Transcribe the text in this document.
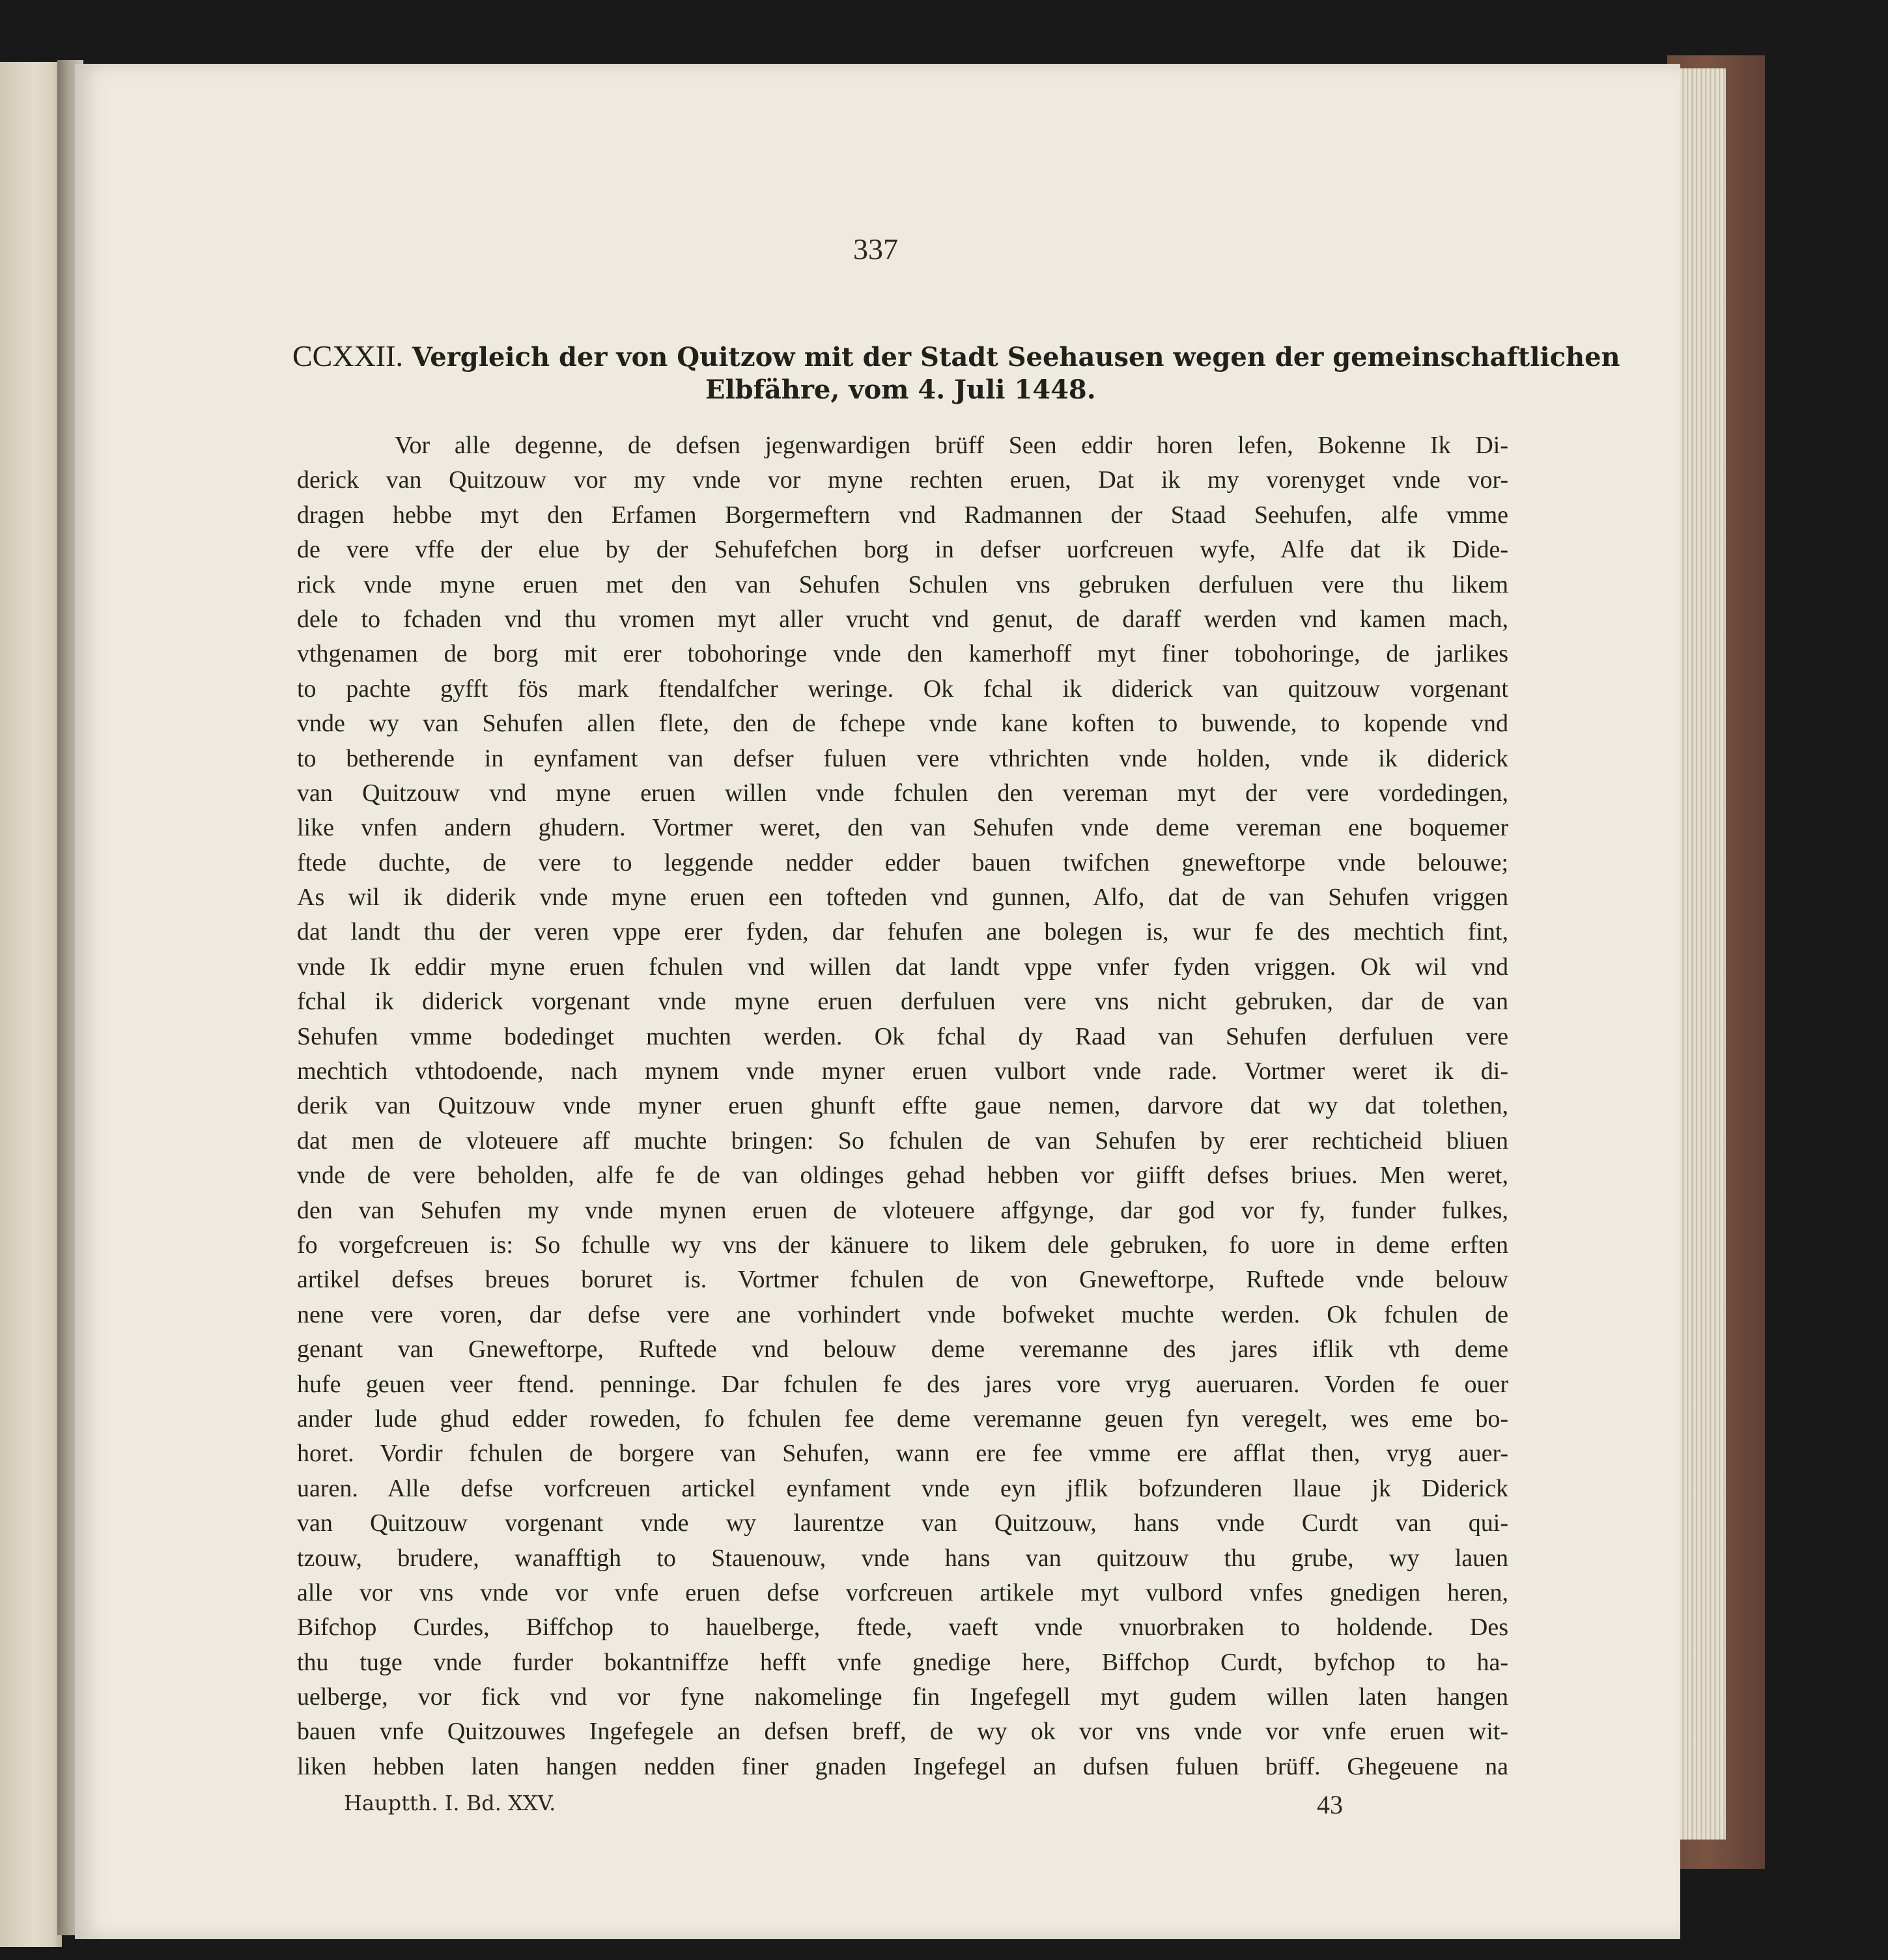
337
CCXXII. Vergleich der von Quitzow mit der Stadt Seehausen wegen der gemeinschaftlichen
Elbfähre, vom 4. Juli 1448.
Vor alle degenne, de defsen jegenwardigen brüff Seen eddir horen lefen, Bokenne Ik Di-
derick van Quitzouw vor my vnde vor myne rechten eruen, Dat ik my vorenyget vnde vor-
dragen hebbe myt den Erfamen Borgermeftern vnd Radmannen der Staad Seehufen, alfe vmme
de vere vffe der elue by der Sehufefchen borg in defser uorfcreuen wyfe, Alfe dat ik Dide-
rick vnde myne eruen met den van Sehufen Schulen vns gebruken derfuluen vere thu likem
dele to fchaden vnd thu vromen myt aller vrucht vnd genut, de daraff werden vnd kamen mach,
vthgenamen de borg mit erer tobohoringe vnde den kamerhoff myt finer tobohoringe, de jarlikes
to pachte gyfft fös mark ftendalfcher weringe. Ok fchal ik diderick van quitzouw vorgenant
vnde wy van Sehufen allen flete, den de fchepe vnde kane koften to buwende, to kopende vnd
to betherende in eynfament van defser fuluen vere vthrichten vnde holden, vnde ik diderick
van Quitzouw vnd myne eruen willen vnde fchulen den vereman myt der vere vordedingen,
like vnfen andern ghudern. Vortmer weret, den van Sehufen vnde deme vereman ene boquemer
ftede duchte, de vere to leggende nedder edder bauen twifchen gneweftorpe vnde belouwe;
As wil ik diderik vnde myne eruen een tofteden vnd gunnen, Alfo, dat de van Sehufen vriggen
dat landt thu der veren vppe erer fyden, dar fehufen ane bolegen is, wur fe des mechtich fint,
vnde Ik eddir myne eruen fchulen vnd willen dat landt vppe vnfer fyden vriggen. Ok wil vnd
fchal ik diderick vorgenant vnde myne eruen derfuluen vere vns nicht gebruken, dar de van
Sehufen vmme bodedinget muchten werden. Ok fchal dy Raad van Sehufen derfuluen vere
mechtich vthtodoende, nach mynem vnde myner eruen vulbort vnde rade. Vortmer weret ik di-
derik van Quitzouw vnde myner eruen ghunft effte gaue nemen, darvore dat wy dat tolethen,
dat men de vloteuere aff muchte bringen: So fchulen de van Sehufen by erer rechticheid bliuen
vnde de vere beholden, alfe fe de van oldinges gehad hebben vor giifft defses briues. Men weret,
den van Sehufen my vnde mynen eruen de vloteuere affgynge, dar god vor fy, funder fulkes,
fo vorgefcreuen is: So fchulle wy vns der känuere to likem dele gebruken, fo uore in deme erften
artikel defses breues boruret is. Vortmer fchulen de von Gneweftorpe, Ruftede vnde belouw
nene vere voren, dar defse vere ane vorhindert vnde bofweket muchte werden. Ok fchulen de
genant van Gneweftorpe, Ruftede vnd belouw deme veremanne des jares iflik vth deme
hufe geuen veer ftend. penninge. Dar fchulen fe des jares vore vryg aueruaren. Vorden fe ouer
ander lude ghud edder roweden, fo fchulen fee deme veremanne geuen fyn veregelt, wes eme bo-
horet. Vordir fchulen de borgere van Sehufen, wann ere fee vmme ere afflat then, vryg auer-
uaren. Alle defse vorfcreuen artickel eynfament vnde eyn jflik bofzunderen llaue jk Diderick
van Quitzouw vorgenant vnde wy laurentze van Quitzouw, hans vnde Curdt van qui-
tzouw, brudere, wanafftigh to Stauenouw, vnde hans van quitzouw thu grube, wy lauen
alle vor vns vnde vor vnfe eruen defse vorfcreuen artikele myt vulbord vnfes gnedigen heren,
Bifchop Curdes, Biffchop to hauelberge, ftede, vaeft vnde vnuorbraken to holdende. Des
thu tuge vnde furder bokantniffze hefft vnfe gnedige here, Biffchop Curdt, byfchop to ha-
uelberge, vor fick vnd vor fyne nakomelinge fin Ingefegell myt gudem willen laten hangen
bauen vnfe Quitzouwes Ingefegele an defsen breff, de wy ok vor vns vnde vor vnfe eruen wit-
liken hebben laten hangen nedden finer gnaden Ingefegel an dufsen fuluen brüff. Ghegeuene na
Hauptth. I. Bd. XXV.	43
